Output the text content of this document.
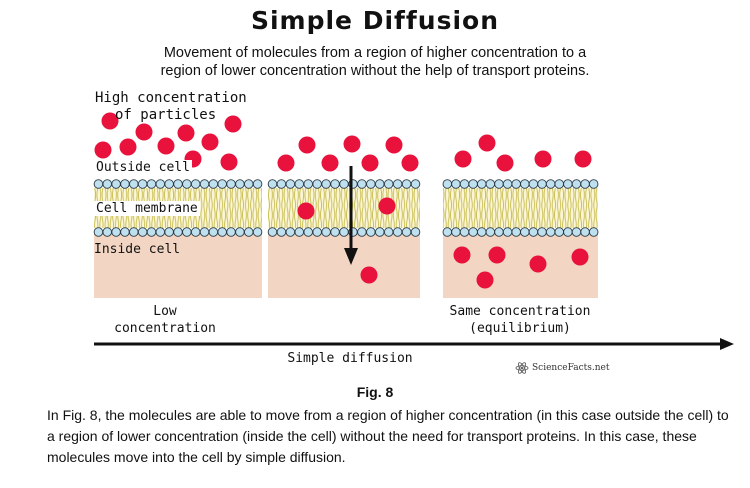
Simple Diffusion
Movement of molecules from a region of higher concentration to a
region of lower concentration without the help of transport proteins.
High concentration
of particles
Outside cell
Cell membrane
Inside cell
Low
concentration
Same concentration
(equilibrium)
Simple diffusion
ScienceFacts.net
Fig. 8
In Fig. 8, the molecules are able to move from a region of higher concentration (in this case outside the cell) to a region of lower concentration (inside the cell) without the need for transport proteins. In this case, these molecules move into the cell by simple diffusion.
